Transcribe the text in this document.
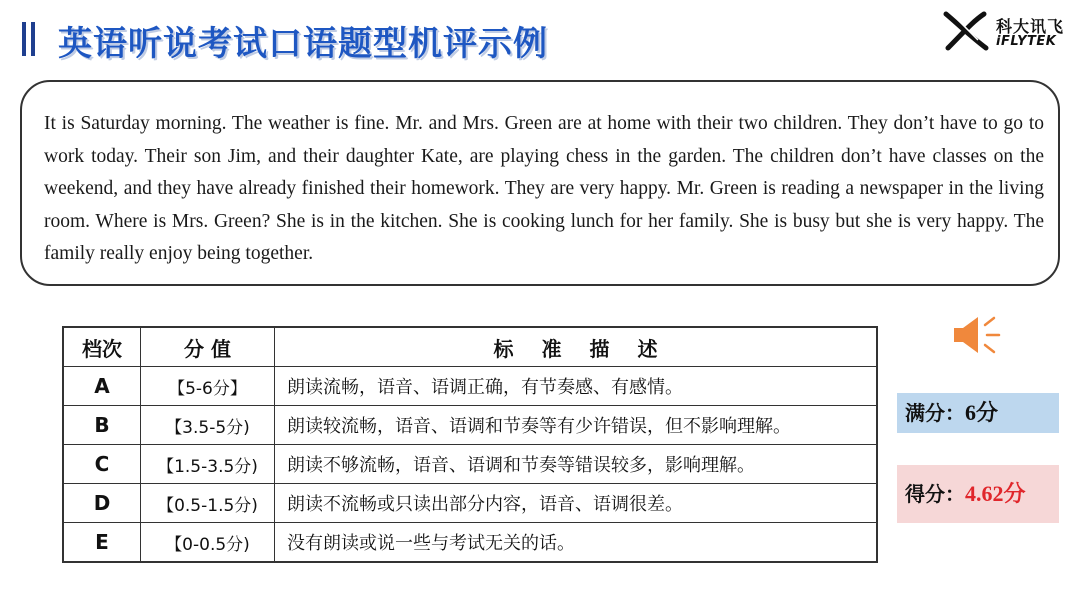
英语听说考试口语题型机评示例	科大讯飞
iFLYTEK
It is Saturday morning. The weather is fine. Mr. and Mrs. Green are at home with their two children. They don’t have to go to work today. Their son Jim, and their daughter Kate, are playing chess in the garden. The children don’t have classes on the weekend, and they have already finished their homework. They are very happy. Mr. Green is reading a newspaper in the living room. Where is Mrs. Green? She is in the kitchen. She is cooking lunch for her family. She is busy but she is very happy. The family really enjoy being together.
档次	分 值	标准描述

A	【5-6分】	朗读流畅，语音、语调正确，有节奏感、有感情。
B	【3.5-5分)	朗读较流畅，语音、语调和节奏等有少许错误，但不影响理解。
C	【1.5-3.5分)	朗读不够流畅，语音、语调和节奏等错误较多，影响理解。
D	【0.5-1.5分)	朗读不流畅或只读出部分内容，语音、语调很差。
E	【0-0.5分)	没有朗读或说一些与考试无关的话。
满分：6分
得分：4.62分
